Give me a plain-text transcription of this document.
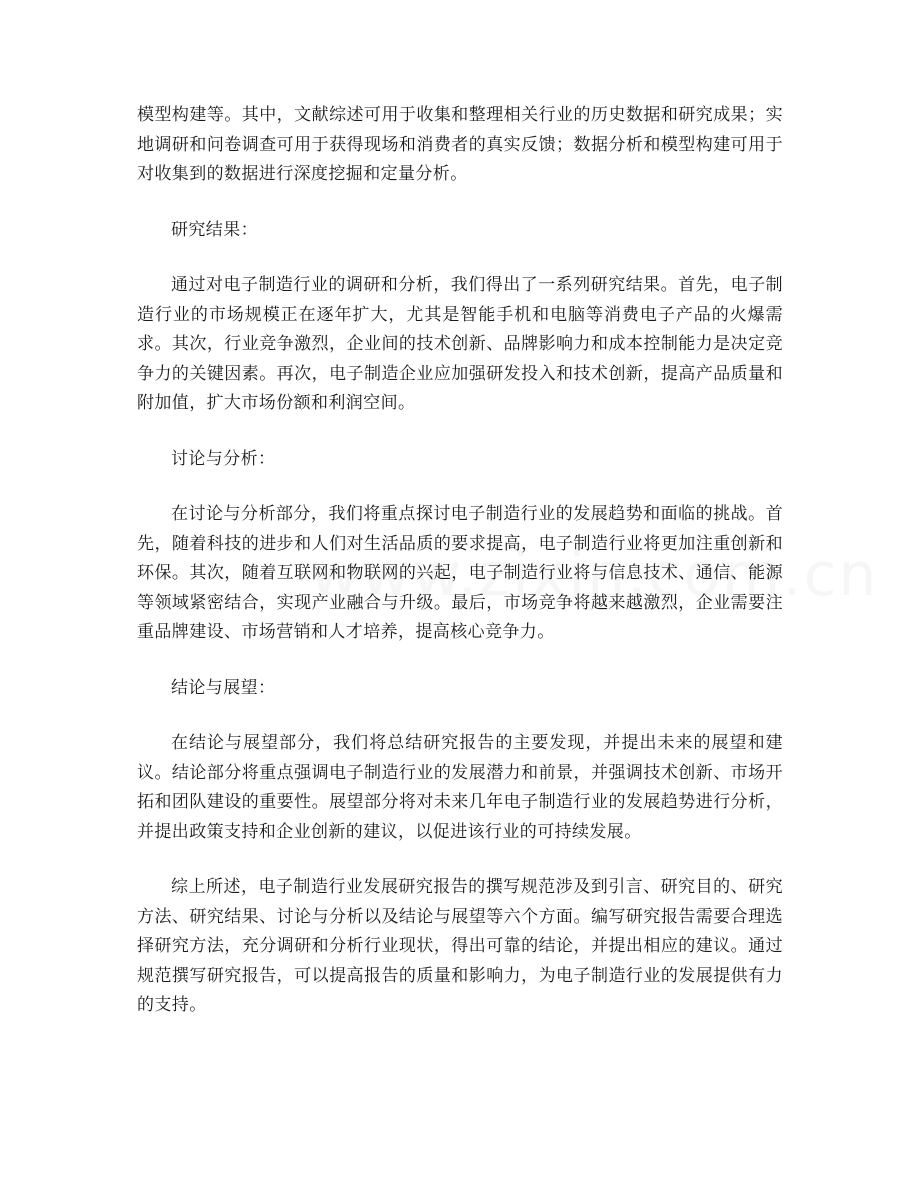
模型构建等。其中，文献综述可用于收集和整理相关行业的历史数据和研究成果；实地调研和问卷调查可用于获得现场和消费者的真实反馈；数据分析和模型构建可用于对收集到的数据进行深度挖掘和定量分析。

研究结果：

通过对电子制造行业的调研和分析，我们得出了一系列研究结果。首先，电子制造行业的市场规模正在逐年扩大，尤其是智能手机和电脑等消费电子产品的火爆需求。其次，行业竞争激烈，企业间的技术创新、品牌影响力和成本控制能力是决定竞争力的关键因素。再次，电子制造企业应加强研发投入和技术创新，提高产品质量和附加值，扩大市场份额和利润空间。

讨论与分析：

在讨论与分析部分，我们将重点探讨电子制造行业的发展趋势和面临的挑战。首先，随着科技的进步和人们对生活品质的要求提高，电子制造行业将更加注重创新和环保。其次，随着互联网和物联网的兴起，电子制造行业将与信息技术、通信、能源等领域紧密结合，实现产业融合与升级。最后，市场竞争将越来越激烈，企业需要注重品牌建设、市场营销和人才培养，提高核心竞争力。

结论与展望：

在结论与展望部分，我们将总结研究报告的主要发现，并提出未来的展望和建议。结论部分将重点强调电子制造行业的发展潜力和前景，并强调技术创新、市场开拓和团队建设的重要性。展望部分将对未来几年电子制造行业的发展趋势进行分析，并提出政策支持和企业创新的建议，以促进该行业的可持续发展。

综上所述，电子制造行业发展研究报告的撰写规范涉及到引言、研究目的、研究方法、研究结果、讨论与分析以及结论与展望等六个方面。编写研究报告需要合理选择研究方法，充分调研和分析行业现状，得出可靠的结论，并提出相应的建议。通过规范撰写研究报告，可以提高报告的质量和影响力，为电子制造行业的发展提供有力的支持。
